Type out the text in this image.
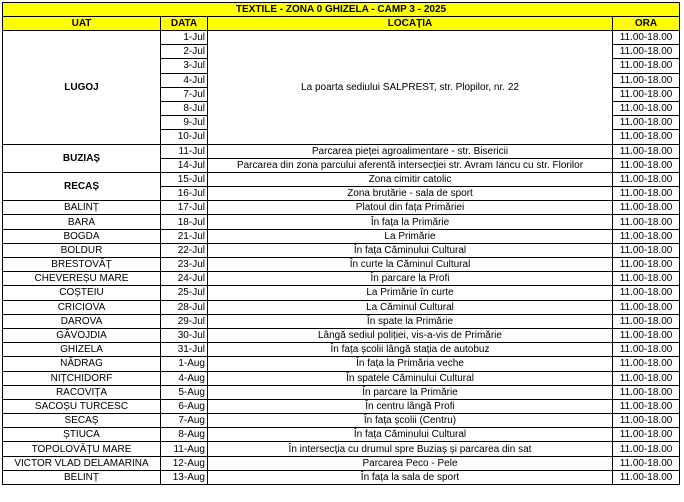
TEXTILE - ZONA 0 GHIZELA - CAMP 3 - 2025			
UAT	DATA	LOCAȚIA	ORA
LUGOJ	1-Jul	La poarta sediului SALPREST, str. Plopilor, nr. 22	11.00-18.00
	2-Jul		11.00-18.00
	3-Jul		11.00-18.00
	4-Jul		11.00-18.00
	7-Jul		11.00-18.00
	8-Jul		11.00-18.00
	9-Jul		11.00-18.00
	10-Jul		11.00-18.00
BUZIAȘ	11-Jul	Parcarea pieței agroalimentare - str. Bisericii	11.00-18.00
	14-Jul	Parcarea din zona parcului aferentă intersecției str. Avram Iancu cu str. Florilor	11.00-18.00
RECAȘ	15-Jul	Zona cimitir catolic	11.00-18.00
	16-Jul	Zona brutărie - sala de sport	11.00-18.00
BALINȚ	17-Jul	Platoul din fața Primăriei	11.00-18.00
BARA	18-Jul	În fața la Primărie	11.00-18.00
BOGDA	21-Jul	La Primărie	11.00-18.00
BOLDUR	22-Jul	În fața Căminului Cultural	11.00-18.00
BRESTOVĂȚ	23-Jul	În curte la Căminul Cultural	11.00-18.00
CHEVEREȘU MARE	24-Jul	În parcare la Profi	11.00-18.00
COȘTEIU	25-Jul	La Primărie în curte	11.00-18.00
CRICIOVA	28-Jul	La Căminul Cultural	11.00-18.00
DAROVA	29-Jul	În spate la Primărie	11.00-18.00
GĂVOJDIA	30-Jul	Lângă sediul poliției, vis-a-vis de Primărie	11.00-18.00
GHIZELA	31-Jul	În fața școlii lângă stația de autobuz	11.00-18.00
NĂDRAG	1-Aug	În fața la Primăria veche	11.00-18.00
NIȚCHIDORF	4-Aug	În spatele Căminului Cultural	11.00-18.00
RACOVIȚA	5-Aug	În parcare la Primărie	11.00-18.00
SACOȘU TURCESC	6-Aug	În centru lângă Profi	11.00-18.00
SECAȘ	7-Aug	În fața școlii (Centru)	11.00-18.00
ȘTIUCA	8-Aug	În fața Căminului Cultural	11.00-18.00
TOPOLOVĂȚU MARE	11-Aug	În intersecția cu drumul spre Buziaș și parcarea din sat	11.00-18.00
VICTOR VLAD DELAMARINA	12-Aug	Parcarea Peco - Pele	11.00-18.00
BELINȚ	13-Aug	În fața la sala de sport	11.00-18.00
